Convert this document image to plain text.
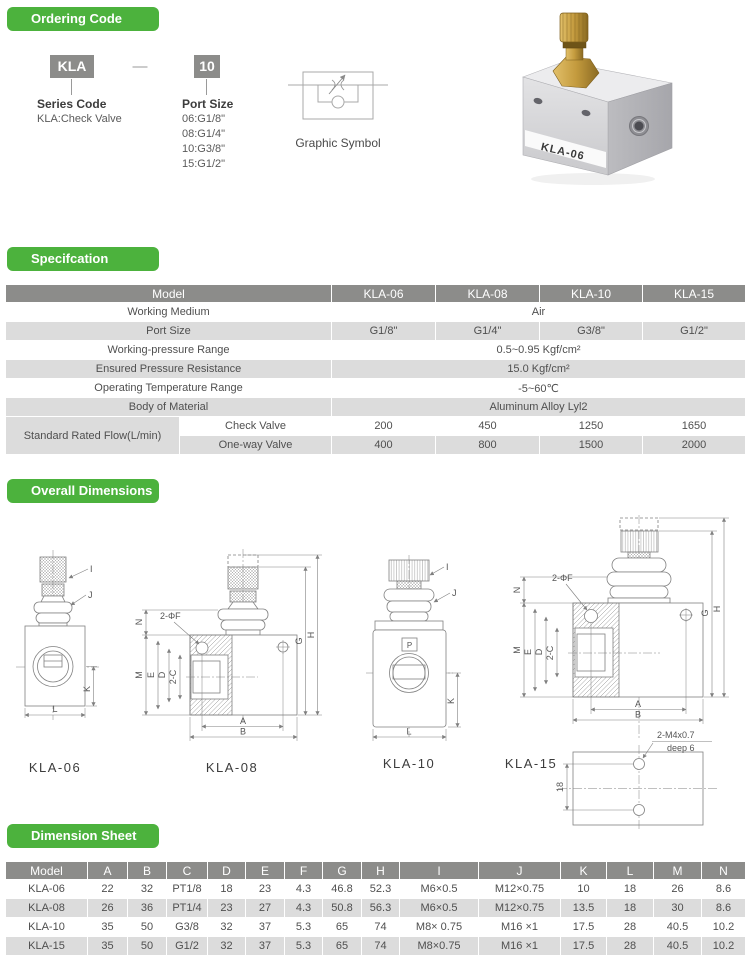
Ordering Code
KLA	—	10
Series Code
KLA:Check Valve
Port Size
06:G1/8"
08:G1/4"
10:G3/8"
15:G1/2"
Graphic Symbol	KLA-06
Specifcation
Model		KLA-06	KLA-08	KLA-10	KLA-15
Working Medium		Air			
Port Size		G1/8"	G1/4"	G3/8"	G1/2"
Working-pressure Range		0.5~0.95 Kgf/cm²			
Ensured Pressure Resistance		15.0 Kgf/cm²			
Operating Temperature Range		-5~60℃			
Body of Material		Aluminum Alloy Lyl2			
Standard Rated Flow(L/min)	Check Valve	200	450	1250	1650
	One-way Valve	400	800	1500	2000
I
J
K
L
KLA-06
G
H
N
M E D 2-C
2-ΦF
A
B
KLA-08
P
I
J
K
L
KLA-10
G
H
N
M E D 2-C
2-ΦF
A
B
KLA-15
18
2-M4x0.7
deep 6
Overall Dimensions
Dimension Sheet
Model	A	B	C	D	E	F	G	H	I	J	K	L	M	N
KLA-06	22	32	PT1/8	18	23	4.3	46.8	52.3	M6×0.5	M12×0.75	10	18	26	8.6
KLA-08	26	36	PT1/4	23	27	4.3	50.8	56.3	M6×0.5	M12×0.75	13.5	18	30	8.6
KLA-10	35	50	G3/8	32	37	5.3	65	74	M8× 0.75	M16 ×1	17.5	28	40.5	10.2
KLA-15	35	50	G1/2	32	37	5.3	65	74	M8×0.75	M16 ×1	17.5	28	40.5	10.2
